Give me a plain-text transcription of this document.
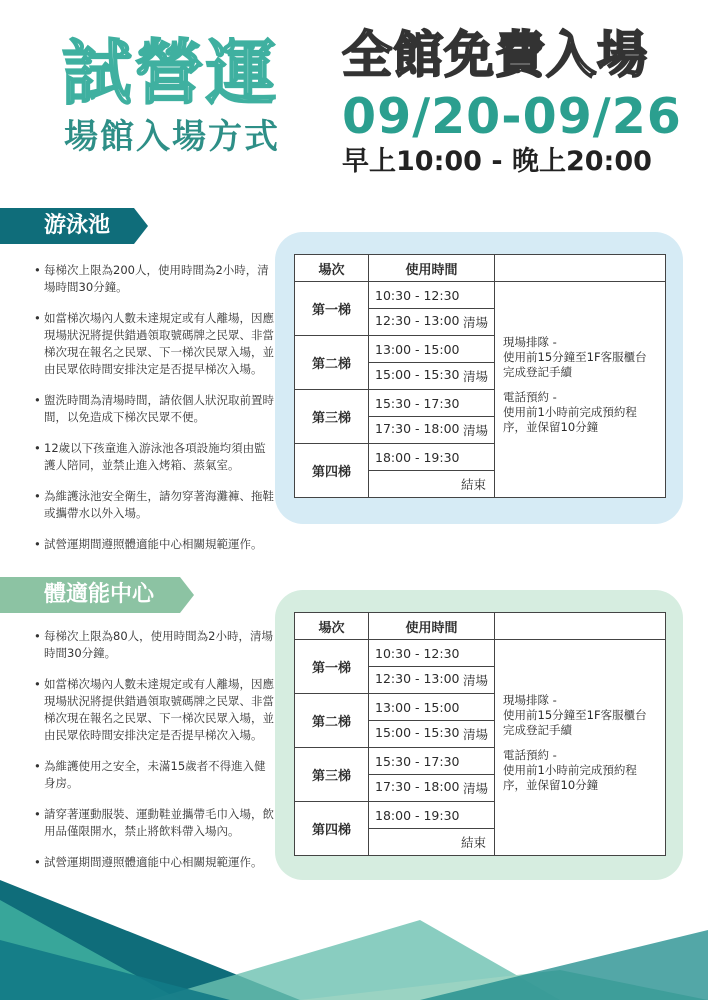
試營運
場館入場方式
全館免費入場
09/20-09/26
早上10:00 - 晚上20:00
游泳池

• 每梯次上限為200人，使用時間為2小時，清場時間30分鐘。

• 如當梯次場內人數未達規定或有人離場，因應現場狀況將提供錯過領取號碼牌之民眾、非當梯次現在報名之民眾、下一梯次民眾入場，並由民眾依時間安排決定是否提早梯次入場。

• 盥洗時間為清場時間，請依個人狀況取前置時間，以免造成下梯次民眾不便。

• 12歲以下孩童進入游泳池各項設施均須由監護人陪同，並禁止進入烤箱、蒸氣室。

• 為維護泳池安全衛生，請勿穿著海灘褲、拖鞋或攜帶水以外入場。

• 試營運期間遵照體適能中心相關規範運作。

場次	使用時間	
第一梯	10:30 - 12:30	現場排隊 -
使用前15分鐘至1F客服櫃台完成登記手續
電話預約 -
使用前1小時前完成預約程序，並保留10分鐘

	12:30 - 13:00 清場	

第二梯	13:00 - 15:00	
	15:00 - 15:30 清場	

第三梯	15:30 - 17:30	
	17:30 - 18:00 清場	

第四梯	18:00 - 19:30	
	結束	
體適能中心

• 每梯次上限為80人，使用時間為2小時，清場時間30分鐘。

• 如當梯次場內人數未達規定或有人離場，因應現場狀況將提供錯過領取號碼牌之民眾、非當梯次現在報名之民眾、下一梯次民眾入場，並由民眾依時間安排決定是否提早梯次入場。

• 為維護使用之安全，未滿15歲者不得進入健身房。

• 請穿著運動服裝、運動鞋並攜帶毛巾入場，飲用品僅限開水，禁止將飲料帶入場內。

• 試營運期間遵照體適能中心相關規範運作。

場次	使用時間	
第一梯	10:30 - 12:30	現場排隊 -
使用前15分鐘至1F客服櫃台完成登記手續
電話預約 -
使用前1小時前完成預約程序，並保留10分鐘

	12:30 - 13:00 清場	

第二梯	13:00 - 15:00	
	15:00 - 15:30 清場	

第三梯	15:30 - 17:30	
	17:30 - 18:00 清場	

第四梯	18:00 - 19:30	
	結束	
